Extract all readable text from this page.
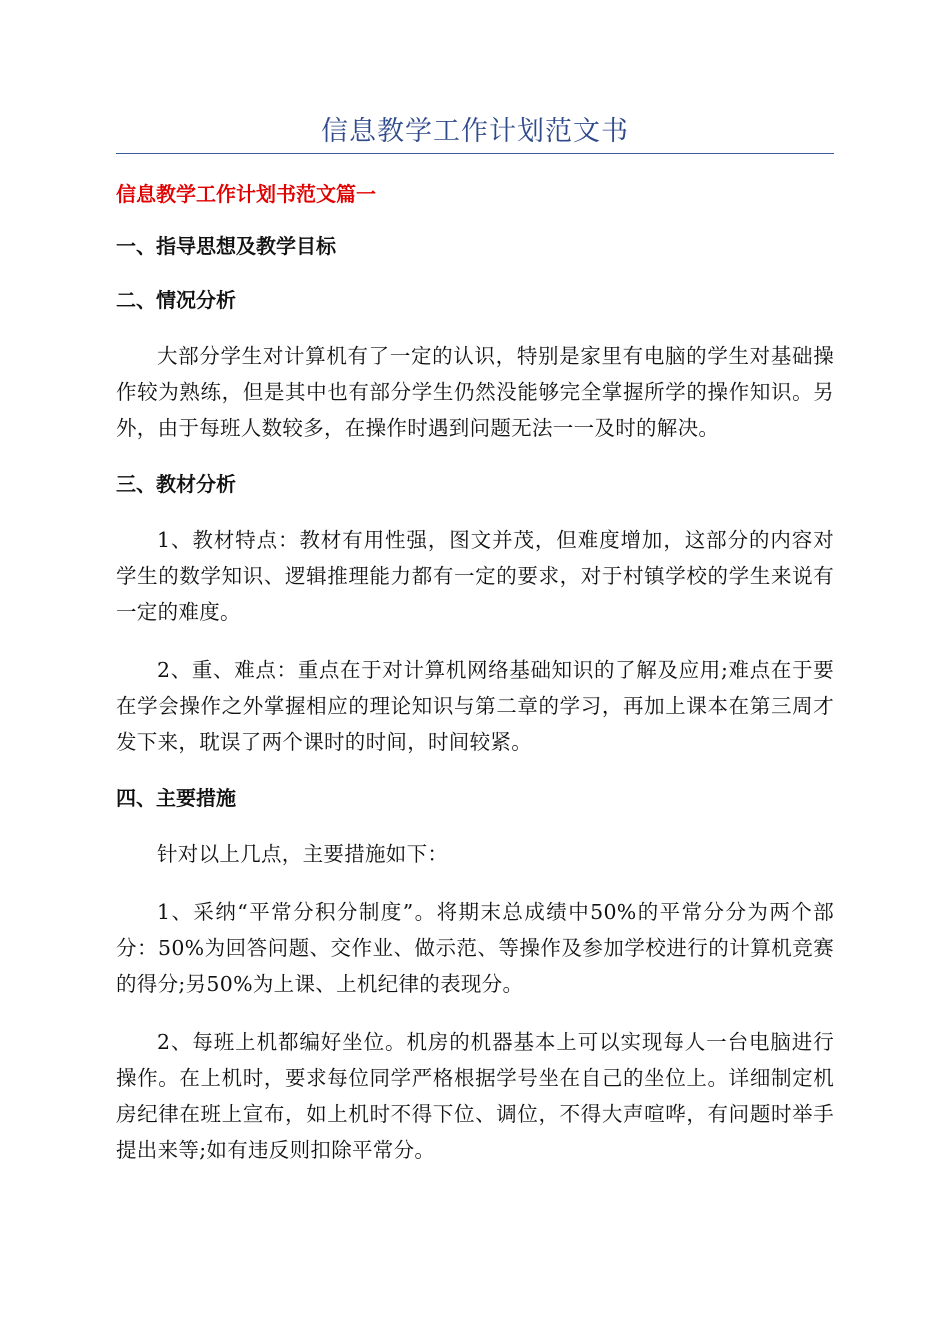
信息教学工作计划范文书
信息教学工作计划书范文篇一
一、指导思想及教学目标
二、情况分析

大部分学生对计算机有了一定的认识，特别是家里有电脑的学生对基础操作较为熟练，但是其中也有部分学生仍然没能够完全掌握所学的操作知识。另外，由于每班人数较多，在操作时遇到问题无法一一及时的解决。

三、教材分析

1、教材特点：教材有用性强，图文并茂，但难度增加，这部分的内容对学生的数学知识、逻辑推理能力都有一定的要求，对于村镇学校的学生来说有一定的难度。

2、重、难点：重点在于对计算机网络基础知识的了解及应用;难点在于要在学会操作之外掌握相应的理论知识与第二章的学习，再加上课本在第三周才发下来，耽误了两个课时的时间，时间较紧。

四、主要措施

针对以上几点，主要措施如下：

1、采纳“平常分积分制度”。将期末总成绩中50%的平常分分为两个部分：50%为回答问题、交作业、做示范、等操作及参加学校进行的计算机竞赛的得分;另50%为上课、上机纪律的表现分。

2、每班上机都编好坐位。机房的机器基本上可以实现每人一台电脑进行操作。在上机时，要求每位同学严格根据学号坐在自己的坐位上。详细制定机房纪律在班上宣布，如上机时不得下位、调位，不得大声喧哗，有问题时举手提出来等;如有违反则扣除平常分。
